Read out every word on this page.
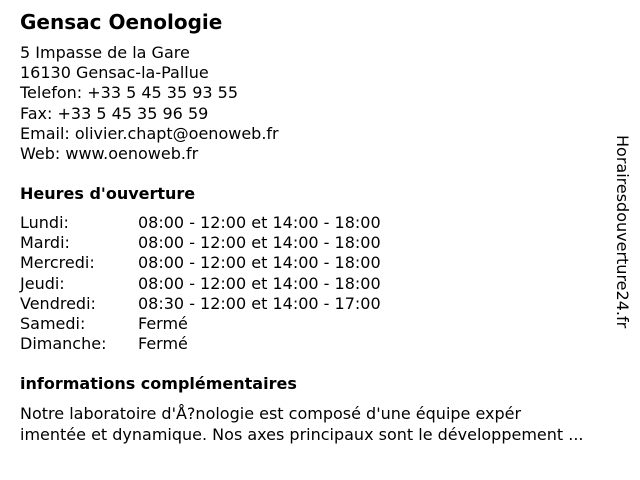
Gensac Oenologie
5 Impasse de la Gare
16130 Gensac-la-Pallue
Telefon: +33 5 45 35 93 55
Fax: +33 5 45 35 96 59
Email: olivier.chapt@oenoweb.fr
Web: www.oenoweb.fr
Heures d'ouverture
Lundi:	08:00 - 12:00 et 14:00 - 18:00
Mardi:	08:00 - 12:00 et 14:00 - 18:00
Mercredi:	08:00 - 12:00 et 14:00 - 18:00
Jeudi:	08:00 - 12:00 et 14:00 - 18:00
Vendredi:	08:30 - 12:00 et 14:00 - 17:00
Samedi:	Fermé
Dimanche: Fermé
informations complémentaires
Notre laboratoire d'Å?nologie est composé d'une équipe expér
imentée et dynamique. Nos axes principaux sont le développement ...
Horairesdouverture24.fr
